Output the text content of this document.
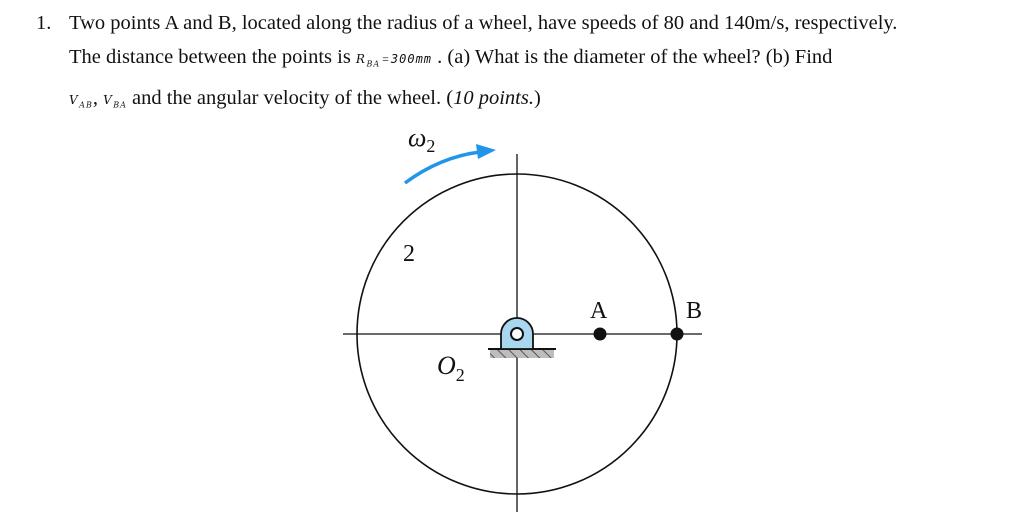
1. Two points A and B, located along the radius of a wheel, have speeds of 80 and 140m/s, respectively.
The distance between the points is $R_{BA} = 300mm$ . (a) What is the diameter of the wheel? (b) Find
$V_{AB}$, $V_{BA}$ and the angular velocity of the wheel. (10 points.)
$\omega_2$
2
$O_2$
A	B
